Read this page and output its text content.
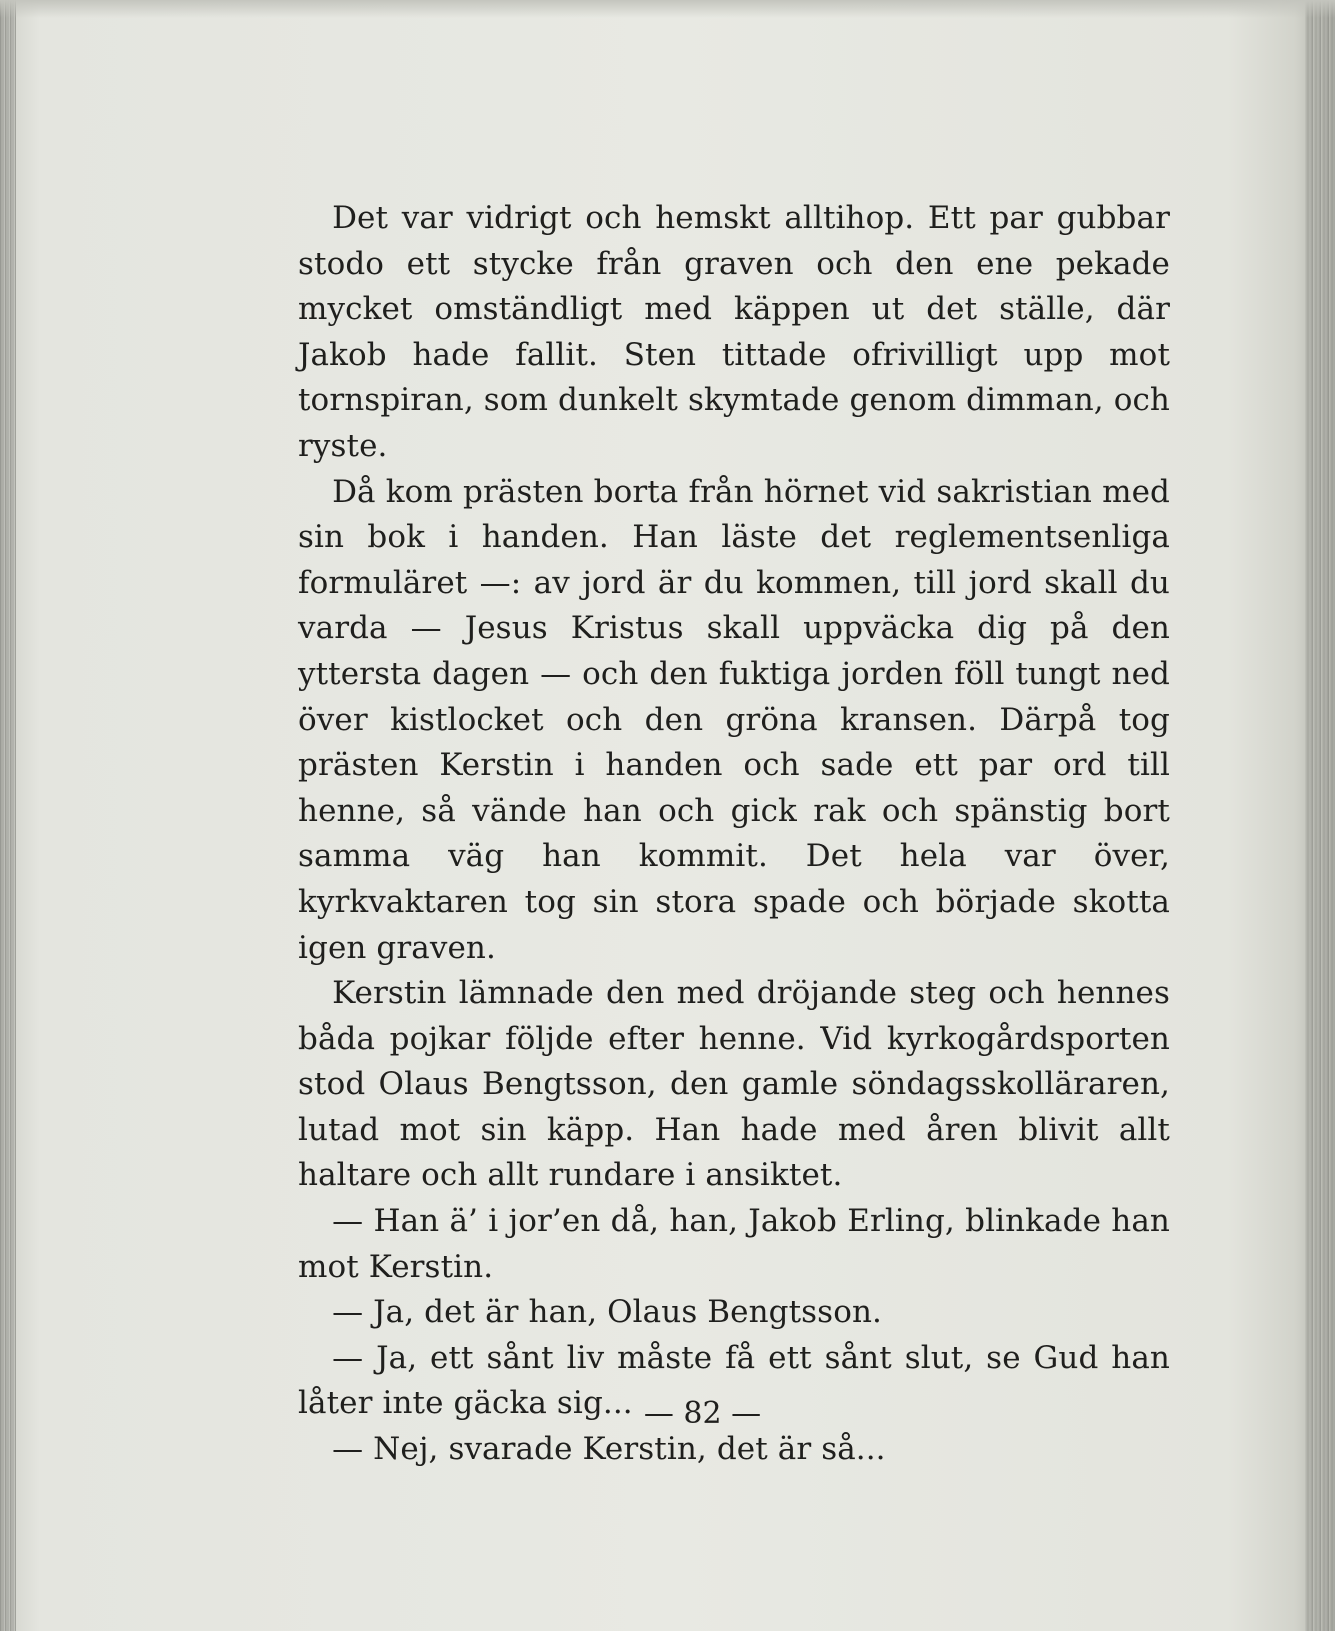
Det var vidrigt och hemskt alltihop. Ett par gubbar stodo ett stycke från graven och den ene pekade mycket omständligt med käppen ut det ställe, där Jakob hade fallit. Sten tittade ofrivilligt upp mot tornspiran, som dunkelt skymtade genom dimman, och ryste.

Då kom prästen borta från hörnet vid sakristian med sin bok i handen. Han läste det reglementsenliga formuläret —: av jord är du kommen, till jord skall du varda — Jesus Kristus skall uppväcka dig på den yttersta dagen — och den fuktiga jorden föll tungt ned över kistlocket och den gröna kransen. Därpå tog prästen Kerstin i handen och sade ett par ord till henne, så vände han och gick rak och spänstig bort samma väg han kommit. Det hela var över, kyrkvaktaren tog sin stora spade och började skotta igen graven.

Kerstin lämnade den med dröjande steg och hennes båda pojkar följde efter henne. Vid kyrkogårdsporten stod Olaus Bengtsson, den gamle söndagsskolläraren, lutad mot sin käpp. Han hade med åren blivit allt haltare och allt rundare i ansiktet.

— Han ä’ i jor’en då, han, Jakob Erling, blinkade han mot Kerstin.

— Ja, det är han, Olaus Bengtsson.

— Ja, ett sånt liv måste få ett sånt slut, se Gud han låter inte gäcka sig...

— Nej, svarade Kerstin, det är så...

— 82 —
